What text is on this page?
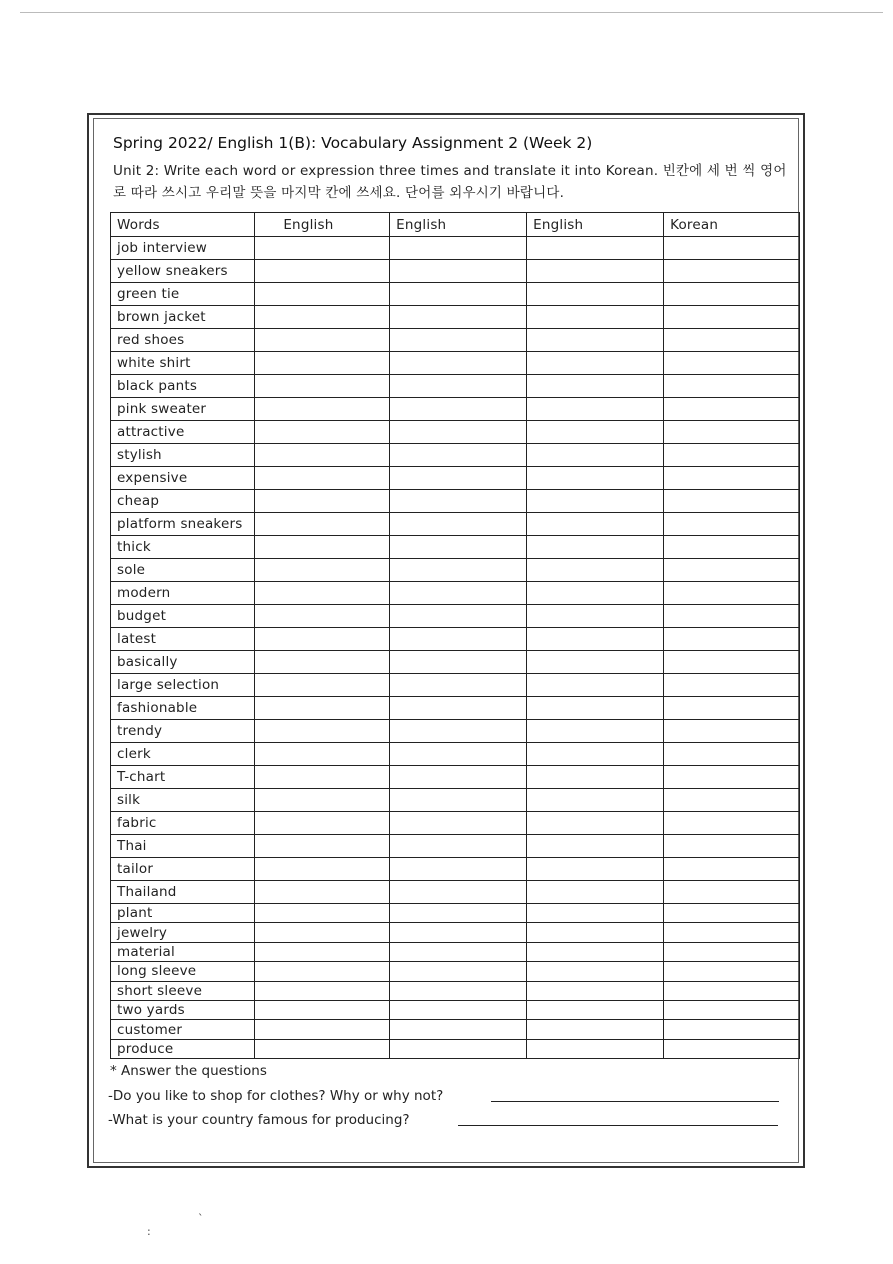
Spring 2022/ English 1(B): Vocabulary Assignment 2 (Week 2)
Unit 2: Write each word or expression three times and translate it into Korean. 빈칸에 세 번 씩 영어로 따라 쓰시고 우리말 뜻을 마지막 칸에 쓰세요. 단어를 외우시기 바랍니다.
Words	English	English	English	Korean
job interview				
yellow sneakers				
green tie				
brown jacket				
red shoes				
white shirt				
black pants				
pink sweater				
attractive				
stylish				
expensive				
cheap				
platform sneakers				
thick				
sole				
modern				
budget				
latest				
basically				
large selection				
fashionable				
trendy				
clerk				
T-chart				
silk				
fabric				
Thai				
tailor				
Thailand				
plant				
jewelry				
material				
long sleeve				
short sleeve				
two yards				
customer				
produce				
* Answer the questions
-Do you like to shop for clothes? Why or why not?
-What is your country famous for producing?
ˋ
:
